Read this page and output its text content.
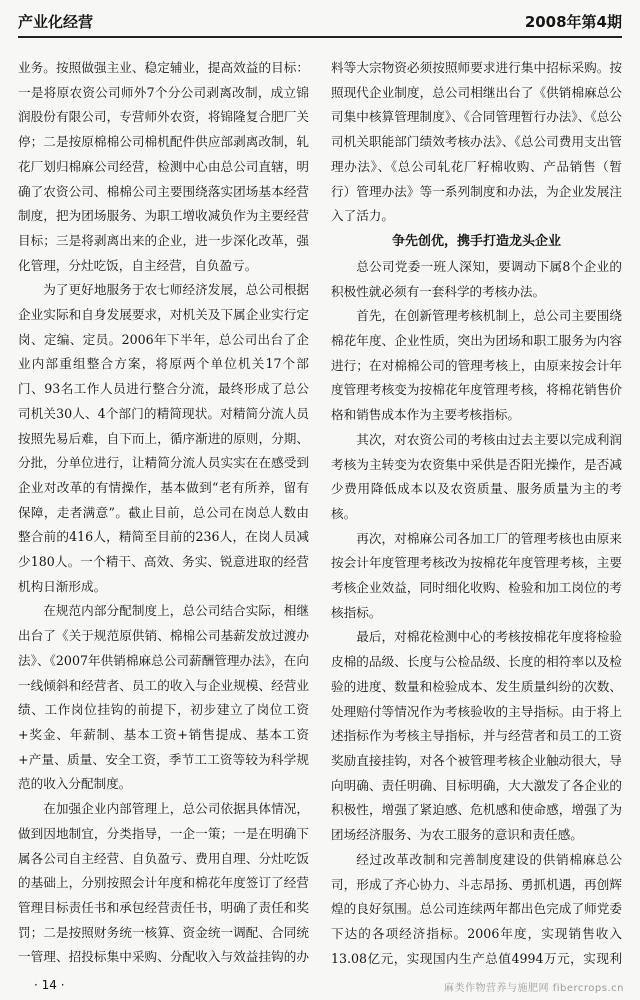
产业化经营	2008年第4期

业务。按照做强主业、稳定辅业，提高效益的目标：一是将原农资公司师外7个分公司剥离改制，成立锦润股份有限公司，专营师外农资，将锦隆复合肥厂关停；二是按原棉棉公司棉机配件供应部剥离改制，轧花厂划归棉麻公司经营，检测中心由总公司直辖，明确了农资公司、棉棉公司主要围绕落实团场基本经营制度，把为团场服务、为职工增收减负作为主要经营目标；三是将剥离出来的企业，进一步深化改革，强化管理，分灶吃饭，自主经营，自负盈亏。

为了更好地服务于农七师经济发展，总公司根据企业实际和自身发展要求，对机关及下属企业实行定岗、定编、定员。2006年下半年，总公司出台了企业内部重组整合方案，将原两个单位机关17个部门、93名工作人员进行整合分流，最终形成了总公司机关30人、4个部门的精简现状。对精简分流人员按照先易后难，自下而上，循序渐进的原则，分期、分批，分单位进行，让精简分流人员实实在在感受到企业对改革的有情操作，基本做到“老有所养，留有保障，走者满意”。截止目前，总公司在岗总人数由整合前的416人，精简至目前的236人，在岗人员减少180人。一个精干、高效、务实、锐意进取的经营机构日渐形成。

在规范内部分配制度上，总公司结合实际，相继出台了《关于规范原供销、棉棉公司基薪发放过渡办法》、《2007年供销棉麻总公司薪酬管理办法》，在向一线倾斜和经营者、员工的收入与企业规模、经营业绩、工作岗位挂钩的前提下，初步建立了岗位工资+奖金、年薪制、基本工资+销售提成、基本工资+产量、质量、安全工资，季节工工资等较为科学规范的收入分配制度。

在加强企业内部管理上，总公司依据具体情况，做到因地制宜，分类指导，一企一策；一是在明确下属各公司自主经营、自负盈亏、费用自理、分灶吃饭的基础上，分别按照会计年度和棉花年度签订了经营管理目标责任书和承包经营责任书，明确了责任和奖罚；二是按照财务统一核算、资金统一调配、合同统一管理、招投标集中采购、分配收入与效益挂钩的办

料等大宗物资必须按照师要求进行集中招标采购。按照现代企业制度，总公司相继出台了《供销棉麻总公司集中核算管理制度》、《合同管理暂行办法》、《总公司机关职能部门绩效考核办法》、《总公司费用支出管理办法》、《总公司轧花厂籽棉收购、产品销售（暂行）管理办法》等一系列制度和办法，为企业发展注入了活力。

争先创优，携手打造龙头企业

总公司党委一班人深知，要调动下属8个企业的积极性就必须有一套科学的考核办法。

首先，在创新管理考核机制上，总公司主要围绕棉花年度、企业性质，突出为团场和职工服务为内容进行；在对棉棉公司的管理考核上，由原来按会计年度管理考核变为按棉花年度管理考核，将棉花销售价格和销售成本作为主要考核指标。

其次，对农资公司的考核由过去主要以完成利润考核为主转变为农资集中采供是否阳光操作，是否减少费用降低成本以及农资质量、服务质量为主的考核。

再次，对棉麻公司各加工厂的管理考核也由原来按会计年度管理考核改为按棉花年度管理考核，主要考核企业效益，同时细化收购、检验和加工岗位的考核指标。

最后，对棉花检测中心的考核按棉花年度将检验皮棉的品级、长度与公检品级、长度的相符率以及检验的进度、数量和检验成本、发生质量纠纷的次数、处理赔付等情况作为考核验收的主导指标。由于将上述指标作为考核主导指标，并与经营者和员工的工资奖励直接挂钩，对各个被管理考核企业触动很大，导向明确、责任明确、目标明确，大大激发了各企业的积极性，增强了紧迫感、危机感和使命感，增强了为团场经济服务、为农工服务的意识和责任感。

经过改革改制和完善制度建设的供销棉麻总公司，形成了齐心协力、斗志昂扬、勇抓机遇，再创辉煌的良好氛围。总公司连续两年都出色完成了师党委下达的各项经济指标。2006年度，实现销售收入13.08亿元，实现国内生产总值4994万元，实现利

· 14 ·	麻类作物营养与施肥网 fibercrops.cn
